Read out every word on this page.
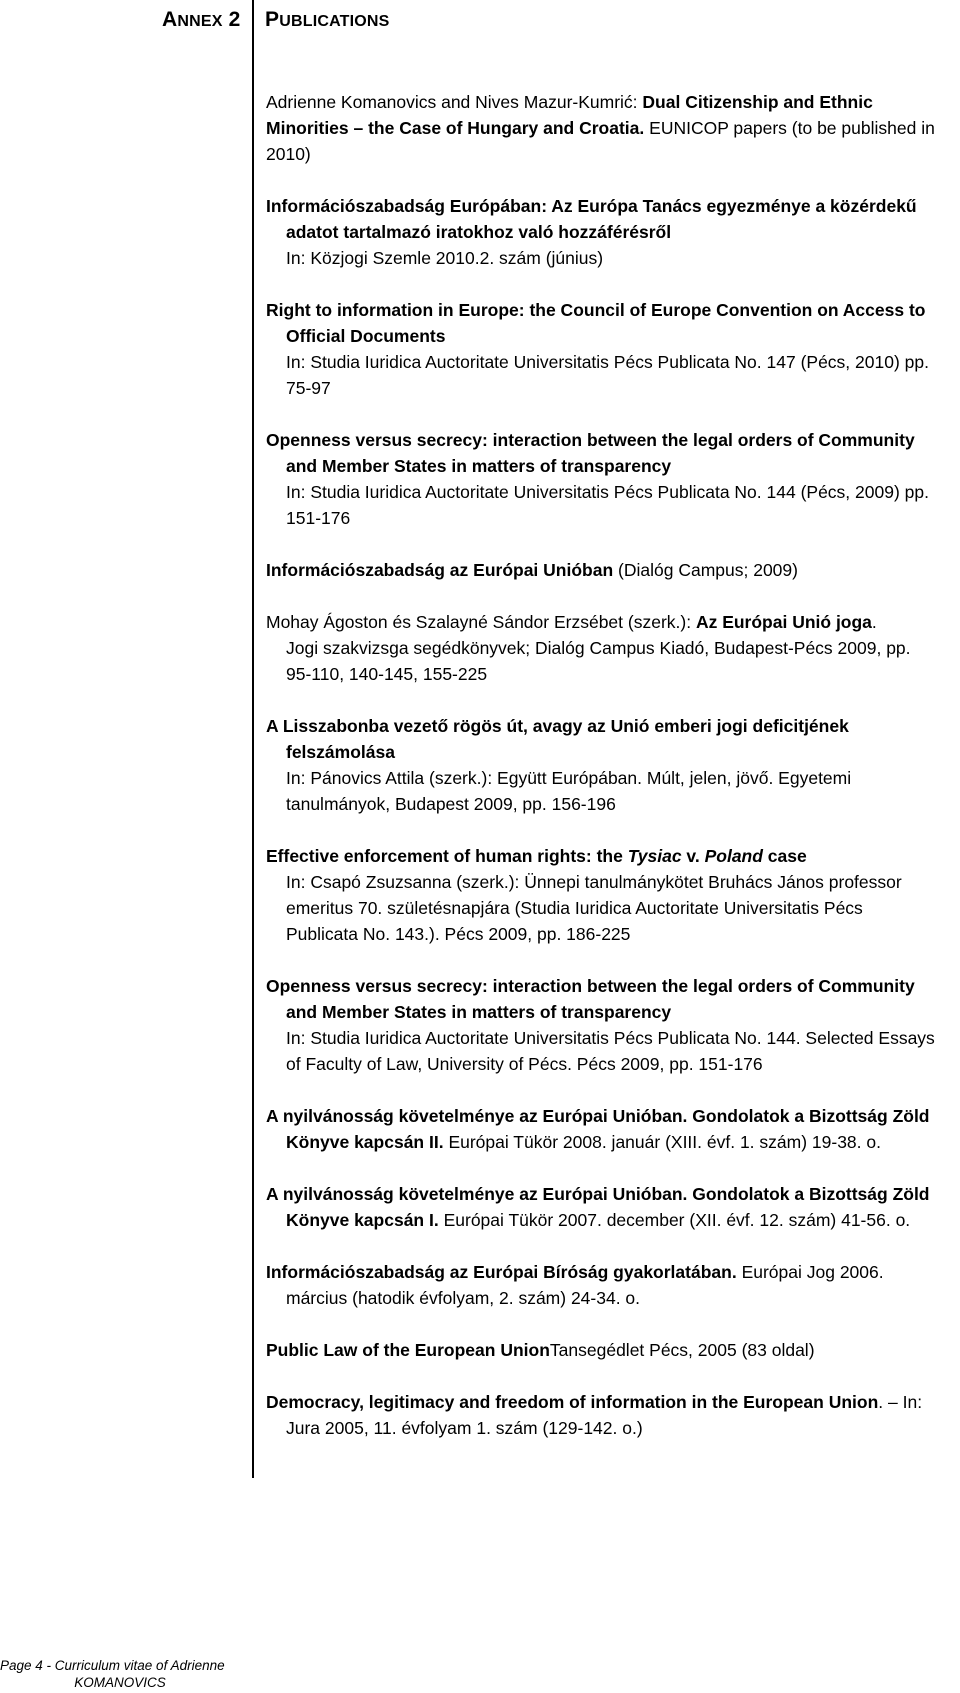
ANNEX 2 PUBLICATIONS
Adrienne Komanovics and Nives Mazur-Kumrić: Dual Citizenship and Ethnic Minorities – the Case of Hungary and Croatia. EUNICOP papers (to be published in 2010)
Információszabadság Európában: Az Európa Tanács egyezménye a közérdekű adatot tartalmazó iratokhoz való hozzáférésről
In: Közjogi Szemle 2010.2. szám (június)
Right to information in Europe: the Council of Europe Convention on Access to Official Documents
In: Studia Iuridica Auctoritate Universitatis Pécs Publicata No. 147 (Pécs, 2010) pp. 75-97
Openness versus secrecy: interaction between the legal orders of Community and Member States in matters of transparency
In: Studia Iuridica Auctoritate Universitatis Pécs Publicata No. 144 (Pécs, 2009) pp. 151-176
Információszabadság az Európai Unióban (Dialóg Campus; 2009)
Mohay Ágoston és Szalayné Sándor Erzsébet (szerk.): Az Európai Unió joga.
Jogi szakvizsga segédkönyvek; Dialóg Campus Kiadó, Budapest-Pécs 2009, pp. 95-110, 140-145, 155-225
A Lisszabonba vezető rögös út, avagy az Unió emberi jogi deficitjének felszámolása
In: Pánovics Attila (szerk.): Együtt Európában. Múlt, jelen, jövő. Egyetemi tanulmányok, Budapest 2009, pp. 156-196
Effective enforcement of human rights: the Tysiac v. Poland case
In: Csapó Zsuzsanna (szerk.): Ünnepi tanulmánykötet Bruhács János professor emeritus 70. születésnapjára (Studia Iuridica Auctoritate Universitatis Pécs Publicata No. 143.). Pécs 2009, pp. 186-225
Openness versus secrecy: interaction between the legal orders of Community and Member States in matters of transparency
In: Studia Iuridica Auctoritate Universitatis Pécs Publicata No. 144. Selected Essays of Faculty of Law, University of Pécs. Pécs 2009, pp. 151-176
A nyilvánosság követelménye az Európai Unióban. Gondolatok a Bizottság Zöld Könyve kapcsán II. Európai Tükör 2008. január (XIII. évf. 1. szám) 19-38. o.
A nyilvánosság követelménye az Európai Unióban. Gondolatok a Bizottság Zöld Könyve kapcsán I. Európai Tükör 2007. december (XII. évf. 12. szám) 41-56. o.
Információszabadság az Európai Bíróság gyakorlatában. Európai Jog 2006. március (hatodik évfolyam, 2. szám) 24-34. o.
Public Law of the European UnionTansegédlet Pécs, 2005 (83 oldal)
Democracy, legitimacy and freedom of information in the European Union. – In: Jura 2005, 11. évfolyam 1. szám (129-142. o.)
Page 4 - Curriculum vitae of Adrienne
KOMANOVICS
